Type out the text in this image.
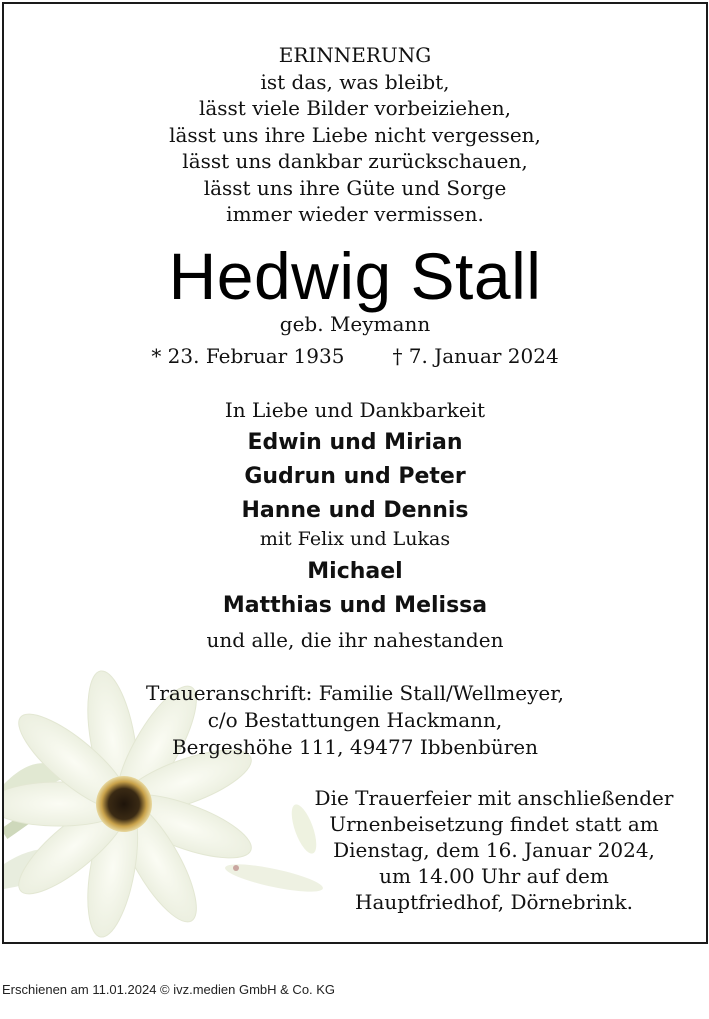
ERINNERUNG
ist das, was bleibt,
lässt viele Bilder vorbeiziehen,
lässt uns ihre Liebe nicht vergessen,
lässt uns dankbar zurückschauen,
lässt uns ihre Güte und Sorge
immer wieder vermissen.
Hedwig Stall
geb. Meymann
* 23. Februar 1935 † 7. Januar 2024
In Liebe und Dankbarkeit
Edwin und Mirian
Gudrun und Peter
Hanne und Dennis
mit Felix und Lukas
Michael
Matthias und Melissa
und alle, die ihr nahestanden
Traueranschrift: Familie Stall/Wellmeyer,
c/o Bestattungen Hackmann,
Bergeshöhe 111, 49477 Ibbenbüren
Die Trauerfeier mit anschließender
Urnenbeisetzung findet statt am
Dienstag, dem 16. Januar 2024,
um 14.00 Uhr auf dem
Hauptfriedhof, Dörnebrink.
Erschienen am 11.01.2024 © ivz.medien GmbH & Co. KG
